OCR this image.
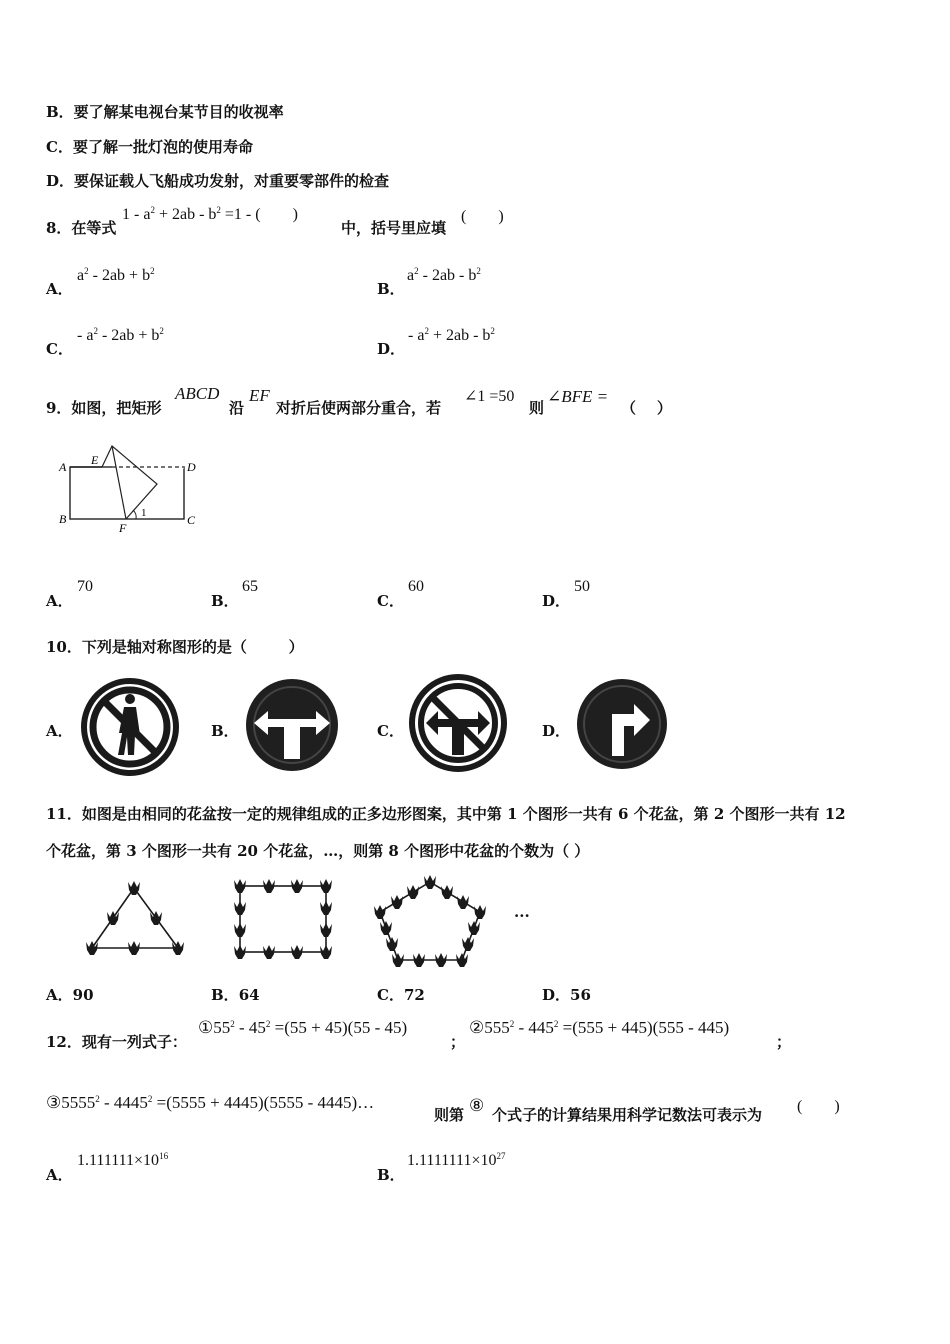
B．要了解某电视台某节目的收视率
C．要了解一批灯泡的使用寿命
D．要保证载人飞船成功发射，对重要零部件的检查
8．在等式
$1 - a^2 + 2ab - b^2 =1$ - (        )
中，括号里应填
(        )
A．
$a^2 - 2ab + b^2$
B．
$a^2 - 2ab - b^2$
C．
- $a^2 - 2ab + b^2$
D．
- $a^2 + 2ab - b^2$
9．如图，把矩形
ABCD
沿
EF
对折后使两部分重合，若
∠1 =50
则
∠BFE =
（    ）
A E	D
B
F
C
1
A．
70
B．
65
C．
60
D．
50
10．下列是轴对称图形的是（        ）
A．	B．	C．	D．
11．如图是由相同的花盆按一定的规律组成的正多边形图案，其中第 1 个图形一共有 6 个花盆，第 2 个图形一共有 12
个花盆，第 3 个图形一共有 20 个花盆，…，则第 8 个图形中花盆的个数为（ ）
...
A．90	B．64	C．72	D．56
12．现有一列式子：
$①55^2 - 45^2 =(55 + 45)(55 - 45)$
；
$②555^2 - 445^2 =(555 + 445)(555 - 445)$
；
③5555$^2$ - $4445^2 =(5555 + 4445)(5555$ - 4445)…
则第 ⑧ 个式子的计算结果用科学记数法可表示为 (        )
A．
$1.111111\times 10^{16}$
B．
$1.1111111\times 10^{27}$
